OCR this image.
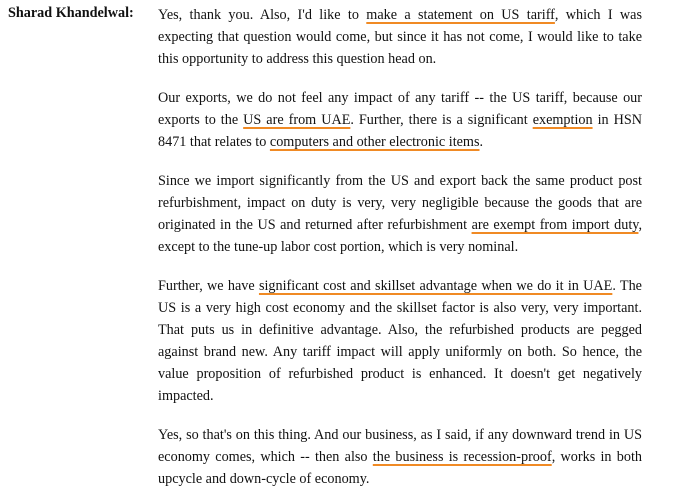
Sharad Khandelwal: Yes, thank you. Also, I'd like to make a statement on US tariff, which I was expecting that question would come, but since it has not come, I would like to take this opportunity to address this question head on.

Our exports, we do not feel any impact of any tariff -- the US tariff, because our exports to the US are from UAE. Further, there is a significant exemption in HSN 8471 that relates to computers and other electronic items.

Since we import significantly from the US and export back the same product post refurbishment, impact on duty is very, very negligible because the goods that are originated in the US and returned after refurbishment are exempt from import duty, except to the tune-up labor cost portion, which is very nominal.

Further, we have significant cost and skillset advantage when we do it in UAE. The US is a very high cost economy and the skillset factor is also very, very important. That puts us in definitive advantage. Also, the refurbished products are pegged against brand new. Any tariff impact will apply uniformly on both. So hence, the value proposition of refurbished product is enhanced. It doesn't get negatively impacted.

Yes, so that's on this thing. And our business, as I said, if any downward trend in US economy comes, which -- then also the business is recession-proof, works in both upcycle and down-cycle of economy.
